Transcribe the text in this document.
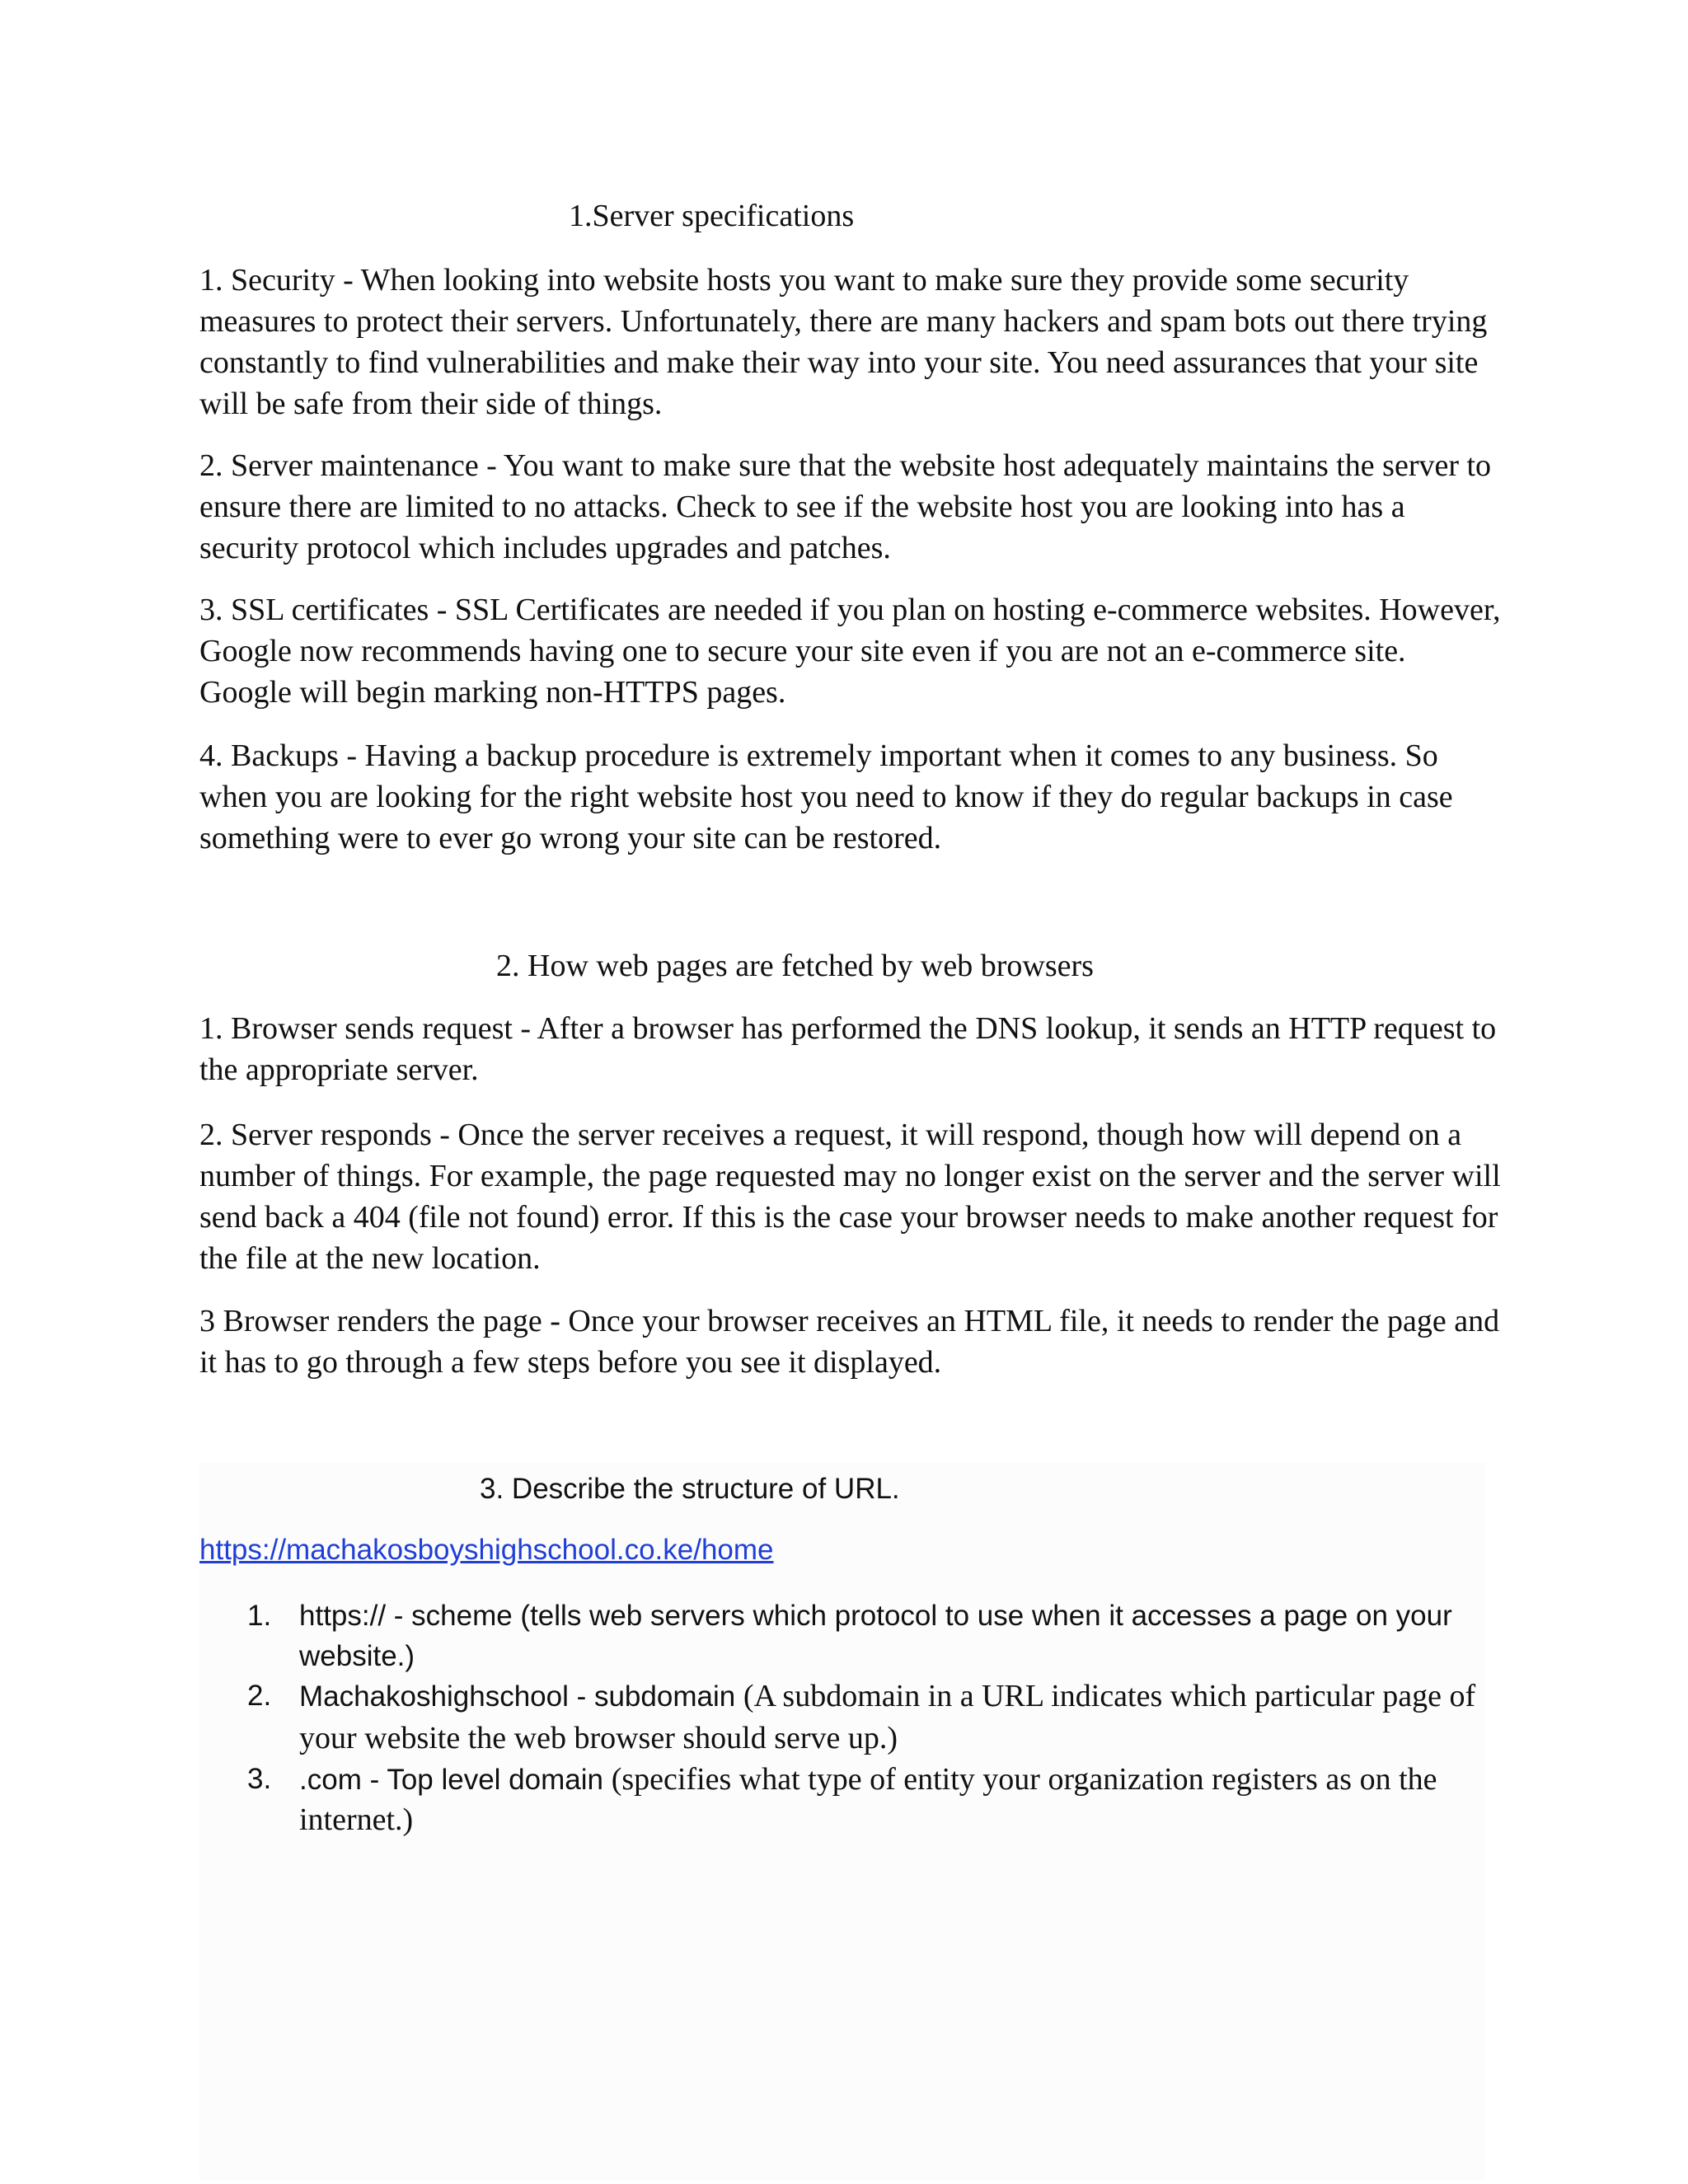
1.Server specifications

1. Security - When looking into website hosts you want to make sure they provide some security measures to protect their servers. Unfortunately, there are many hackers and spam bots out there trying constantly to find vulnerabilities and make their way into your site. You need assurances that your site will be safe from their side of things.

2. Server maintenance - You want to make sure that the website host adequately maintains the server to ensure there are limited to no attacks. Check to see if the website host you are looking into has a security protocol which includes upgrades and patches.

3. SSL certificates - SSL Certificates are needed if you plan on hosting e-commerce websites. However, Google now recommends having one to secure your site even if you are not an e-commerce site. Google will begin marking non-HTTPS pages.

4. Backups - Having a backup procedure is extremely important when it comes to any business. So when you are looking for the right website host you need to know if they do regular backups in case something were to ever go wrong your site can be restored.

2. How web pages are fetched by web browsers

1. Browser sends request - After a browser has performed the DNS lookup, it sends an HTTP request to the appropriate server.

2. Server responds - Once the server receives a request, it will respond, though how will depend on a number of things. For example, the page requested may no longer exist on the server and the server will send back a 404 (file not found) error. If this is the case your browser needs to make another request for the file at the new location.

3 Browser renders the page - Once your browser receives an HTML file, it needs to render the page and it has to go through a few steps before you see it displayed.

3. Describe the structure of URL.
https://machakosboyshighschool.co.ke/home
1. https:// - scheme (tells web servers which protocol to use when it accesses a page on your website.)
2. Machakoshighschool - subdomain (A subdomain in a URL indicates which particular page of your website the web browser should serve up.)
3. .com - Top level domain (specifies what type of entity your organization registers as on the internet.)
